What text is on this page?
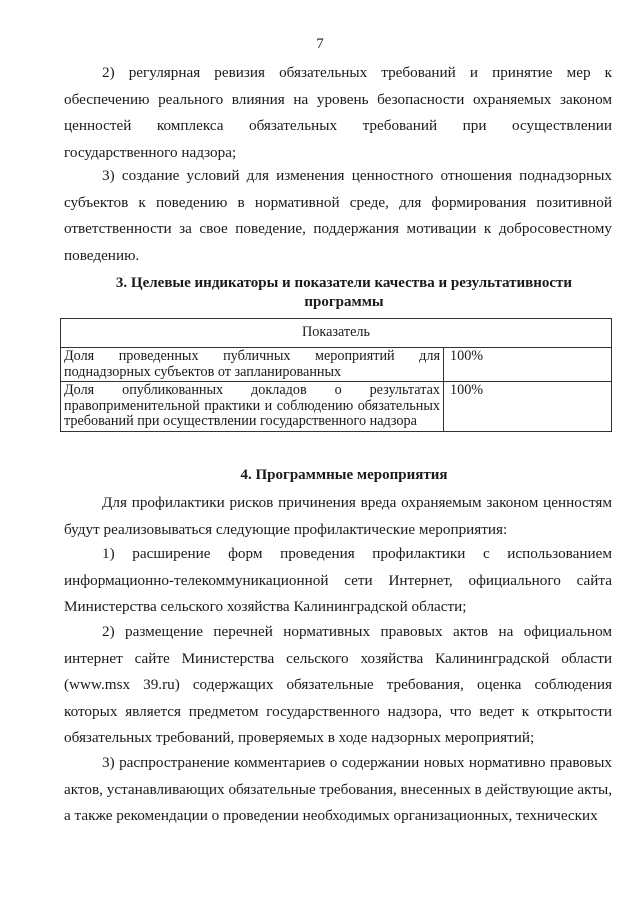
7

2) регулярная ревизия обязательных требований и принятие мер к обеспечению реального влияния на уровень безопасности охраняемых законом ценностей комплекса обязательных требований при осуществлении государственного надзора;

3) создание условий для изменения ценностного отношения поднадзорных субъектов к поведению в нормативной среде, для формирования позитивной ответственности за свое поведение, поддержания мотивации к добросовестному поведению.

3. Целевые индикаторы и показатели качества и результативности
программы
Показатель	
Доля проведенных публичных мероприятий для поднадзорных субъектов от запланированных	100%
Доля опубликованных докладов о результатах правоприменительной практики и соблюдению обязательных требований при осуществлении государственного надзора	100%
4. Программные мероприятия

Для профилактики рисков причинения вреда охраняемым законом ценностям будут реализовываться следующие профилактические мероприятия:

1) расширение форм проведения профилактики с использованием информационно-телекоммуникационной сети Интернет, официального сайта Министерства сельского хозяйства Калининградской области;

2) размещение перечней нормативных правовых актов на официальном интернет сайте Министерства сельского хозяйства Калининградской области (www.msx 39.ru) содержащих обязательные требования, оценка соблюдения которых является предметом государственного надзора, что ведет к открытости обязательных требований, проверяемых в ходе надзорных мероприятий;

3) распространение комментариев о содержании новых нормативно правовых актов, устанавливающих обязательные требования, внесенных в действующие акты, а также рекомендации о проведении необходимых организационных, технических
